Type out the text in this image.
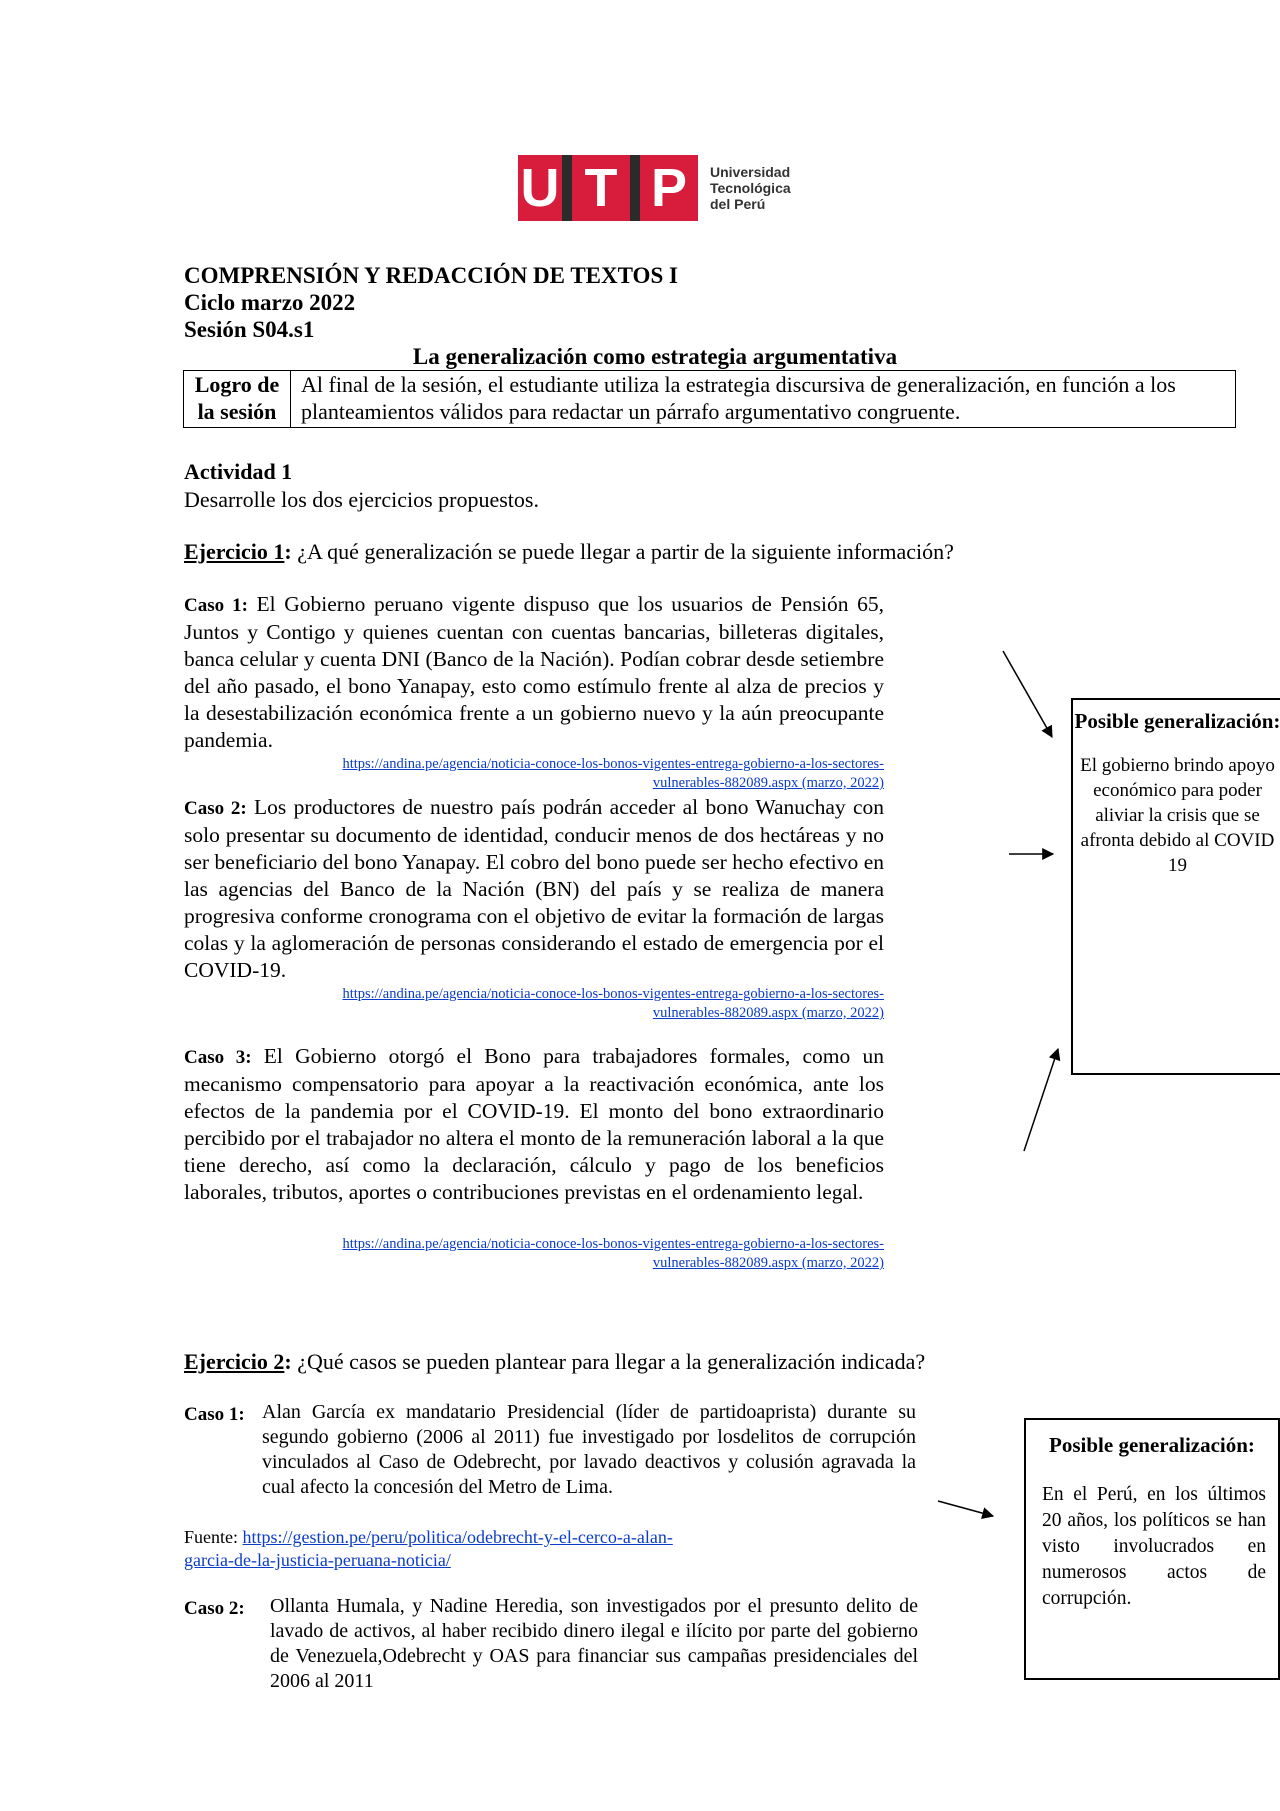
U T P	Universidad
Tecnológica
del Perú
COMPRENSIÓN Y REDACCIÓN DE TEXTOS I
Ciclo marzo 2022
Sesión S04.s1
La generalización como estrategia argumentativa
Logro de la sesión	Al final de la sesión, el estudiante utiliza la estrategia discursiva de generalización, en función a los planteamientos válidos para redactar un párrafo argumentativo congruente.
Actividad 1
Desarrolle los dos ejercicios propuestos.
Ejercicio 1: ¿A qué generalización se puede llegar a partir de la siguiente información?
Caso 1: El Gobierno peruano vigente dispuso que los usuarios de Pensión 65, Juntos y Contigo y quienes cuentan con cuentas bancarias, billeteras digitales, banca celular y cuenta DNI (Banco de la Nación). Podían cobrar desde setiembre del año pasado, el bono Yanapay, esto como estímulo frente al alza de precios y la desestabilización económica frente a un gobierno nuevo y la aún preocupante pandemia.
https://andina.pe/agencia/noticia-conoce-los-bonos-vigentes-entrega-gobierno-a-los-sectores-
vulnerables-882089.aspx (marzo, 2022)
Caso 2: Los productores de nuestro país podrán acceder al bono Wanuchay con solo presentar su documento de identidad, conducir menos de dos hectáreas y no ser beneficiario del bono Yanapay. El cobro del bono puede ser hecho efectivo en las agencias del Banco de la Nación (BN) del país y se realiza de manera progresiva conforme cronograma con el objetivo de evitar la formación de largas colas y la aglomeración de personas considerando el estado de emergencia por el COVID-19.
https://andina.pe/agencia/noticia-conoce-los-bonos-vigentes-entrega-gobierno-a-los-sectores-
vulnerables-882089.aspx (marzo, 2022)
Caso 3: El Gobierno otorgó el Bono para trabajadores formales, como un mecanismo compensatorio para apoyar a la reactivación económica, ante los efectos de la pandemia por el COVID-19. El monto del bono extraordinario percibido por el trabajador no altera el monto de la remuneración laboral a la que tiene derecho, así como la declaración, cálculo y pago de los beneficios laborales, tributos, aportes o contribuciones previstas en el ordenamiento legal.
https://andina.pe/agencia/noticia-conoce-los-bonos-vigentes-entrega-gobierno-a-los-sectores-
vulnerables-882089.aspx (marzo, 2022)
Posible generalización:
El gobierno brindo apoyo económico para poder aliviar la crisis que se afronta debido al COVID 19
Ejercicio 2: ¿Qué casos se pueden plantear para llegar a la generalización indicada?
Caso 1: Alan García ex mandatario Presidencial (líder de partidoaprista) durante su segundo gobierno (2006 al 2011) fue investigado por losdelitos de corrupción vinculados al Caso de Odebrecht, por lavado deactivos y colusión agravada la cual afecto la concesión del Metro de Lima.
Fuente: https://gestion.pe/peru/politica/odebrecht-y-el-cerco-a-alan-
garcia-de-la-justicia-peruana-noticia/
Caso 2: Ollanta Humala, y Nadine Heredia, son investigados por el presunto delito de lavado de activos, al haber recibido dinero ilegal e ilícito por parte del gobierno de Venezuela,Odebrecht y OAS para financiar sus campañas presidenciales del 2006 al 2011
Posible generalización:
En el Perú, en los últimos 20 años, los políticos se han visto involucrados en numerosos actos de corrupción.
